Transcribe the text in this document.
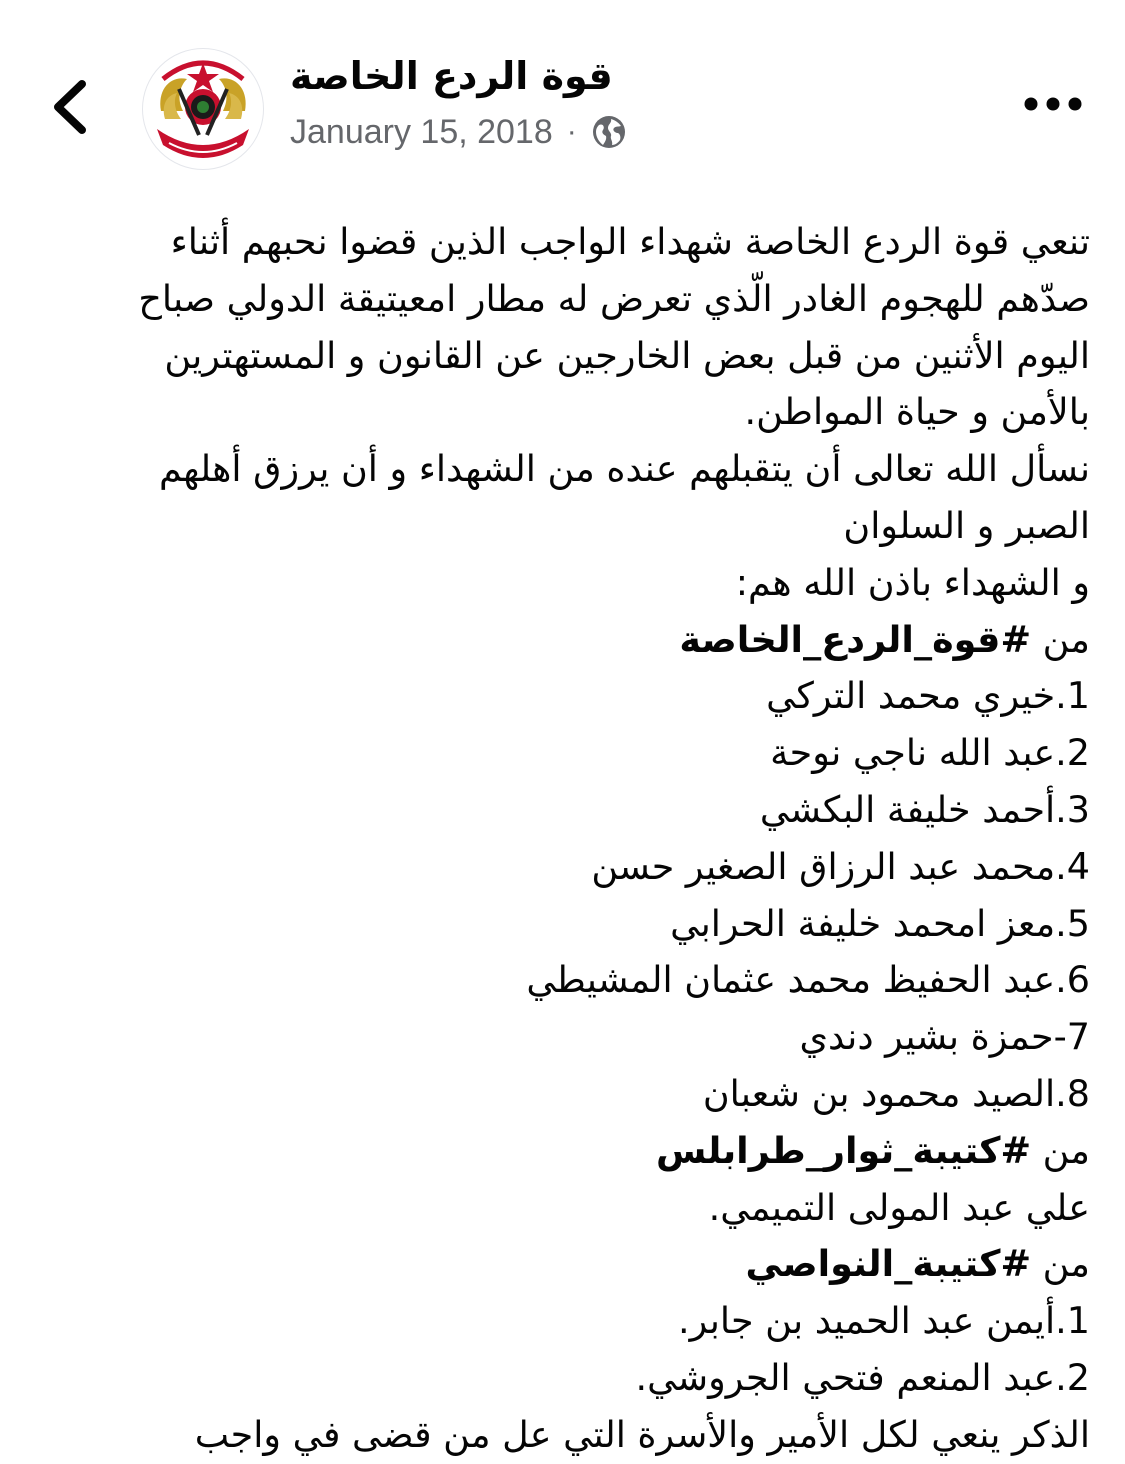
قوة الردع الخاصة
January 15, 2018 ·

تنعي قوة الردع الخاصة شهداء الواجب الذين قضوا نحبهم أثناء

صدّهم للهجوم الغادر الّذي تعرض له مطار امعيتيقة الدولي صباح

اليوم الأثنين من قبل بعض الخارجين عن القانون و المستهترين

بالأمن و حياة المواطن.

نسأل الله تعالى أن يتقبلهم عنده من الشهداء و أن يرزق أهلهم

الصبر و السلوان

و الشهداء باذن الله هم:

من #قوة_الردع_الخاصة

1.خيري محمد التركي

2.عبد الله ناجي نوحة

3.أحمد خليفة البكشي

4.محمد عبد الرزاق الصغير حسن

5.معز امحمد خليفة الحرابي

6.عبد الحفيظ محمد عثمان المشيطي

7-حمزة بشير دندي

8.الصيد محمود بن شعبان

من #كتيبة_ثوار_طرابلس

علي عبد المولى التميمي.

من #كتيبة_النواصي

1.أيمن عبد الحميد بن جابر.

2.عبد المنعم فتحي الجروشي.

الذكر ينعي لكل الأمير والأسرة التي عل من قضى في واجب
